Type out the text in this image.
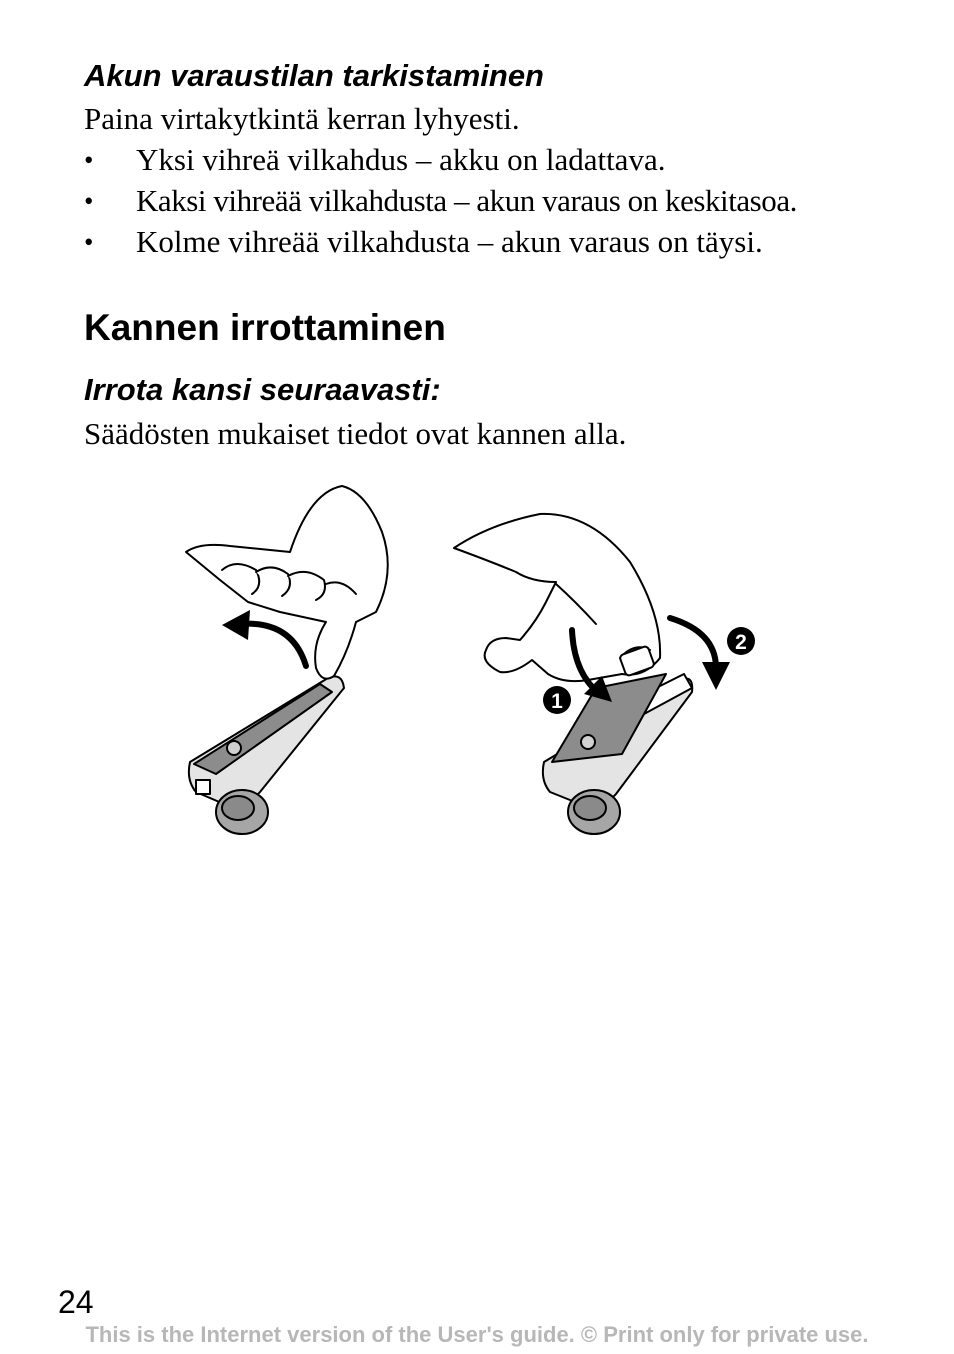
Akun varaustilan tarkistaminen

Paina virtakytkintä kerran lyhyesti.

• Yksi vihreä vilkahdus – akku on ladattava.
• Kaksi vihreää vilkahdusta – akun varaus on keskitasoa.
• Kolme vihreää vilkahdusta – akun varaus on täysi.
Kannen irrottaminen
Irrota kansi seuraavasti:

Säädösten mukaiset tiedot ovat kannen alla.

1
2
24
This is the Internet version of the User's guide. © Print only for private use.
